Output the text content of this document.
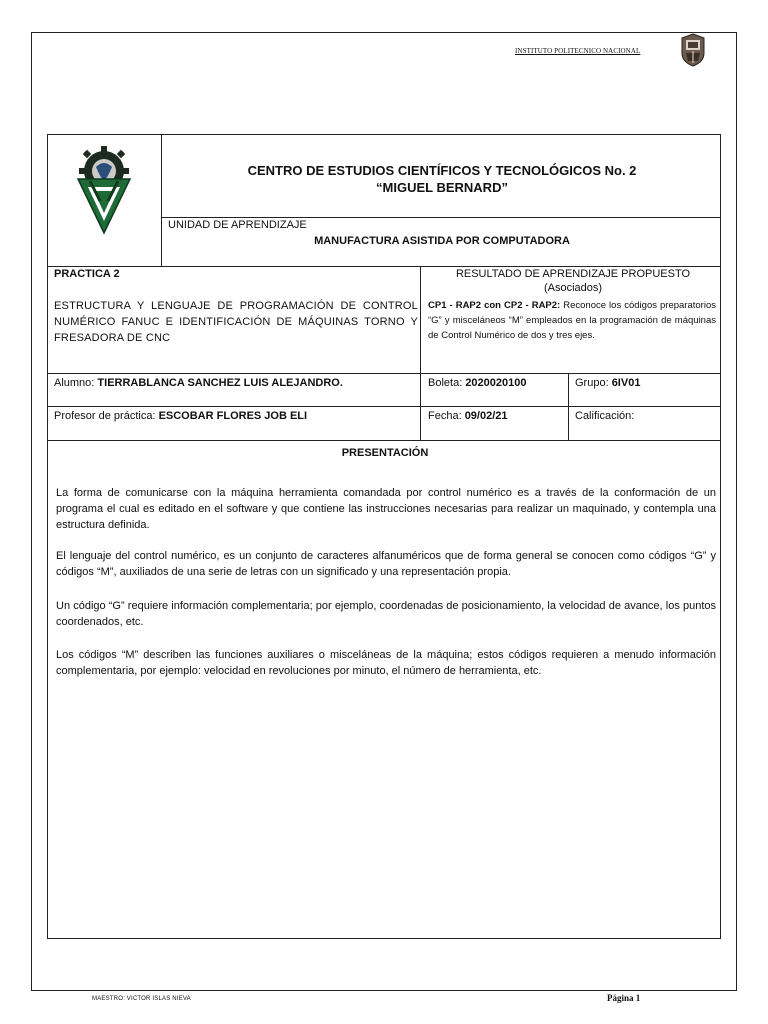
INSTITUTO POLITECNICO NACIONAL
CENTRO DE ESTUDIOS CIENTÍFICOS Y TECNOLÓGICOS No. 2
“MIGUEL BERNARD”
UNIDAD DE APRENDIZAJE
MANUFACTURA ASISTIDA POR COMPUTADORA
PRACTICA 2
ESTRUCTURA Y LENGUAJE DE PROGRAMACIÓN DE CONTROL NUMÉRICO FANUC E IDENTIFICACIÓN DE MÁQUINAS TORNO Y FRESADORA DE CNC
RESULTADO DE APRENDIZAJE PROPUESTO
(Asociados)
CP1 - RAP2 con CP2 - RAP2: Reconoce los códigos preparatorios “G” y misceláneos “M” empleados en la programación de máquinas de Control Numérico de dos y tres ejes.
Alumno: TIERRABLANCA SANCHEZ LUIS ALEJANDRO.	Boleta: 2020020100	Grupo: 6IV01
Profesor de práctica: ESCOBAR FLORES JOB ELI	Fecha: 09/02/21	Calificación:
PRESENTACIÓN
La forma de comunicarse con la máquina herramienta comandada por control numérico es a través de la conformación de un programa el cual es editado en el software y que contiene las instrucciones necesarias para realizar un maquinado, y contempla una estructura definida.
El lenguaje del control numérico, es un conjunto de caracteres alfanuméricos que de forma general se conocen como códigos “G” y códigos “M”, auxiliados de una serie de letras con un significado y una representación propia.
Un código “G” requiere información complementaria; por ejemplo, coordenadas de posicionamiento, la velocidad de avance, los puntos coordenados, etc.
Los códigos “M” describen las funciones auxiliares o misceláneas de la máquina; estos códigos requieren a menudo información complementaria, por ejemplo: velocidad en revoluciones por minuto, el número de herramienta, etc.
MAESTRO: VICTOR ISLAS NIEVA	Página 1
